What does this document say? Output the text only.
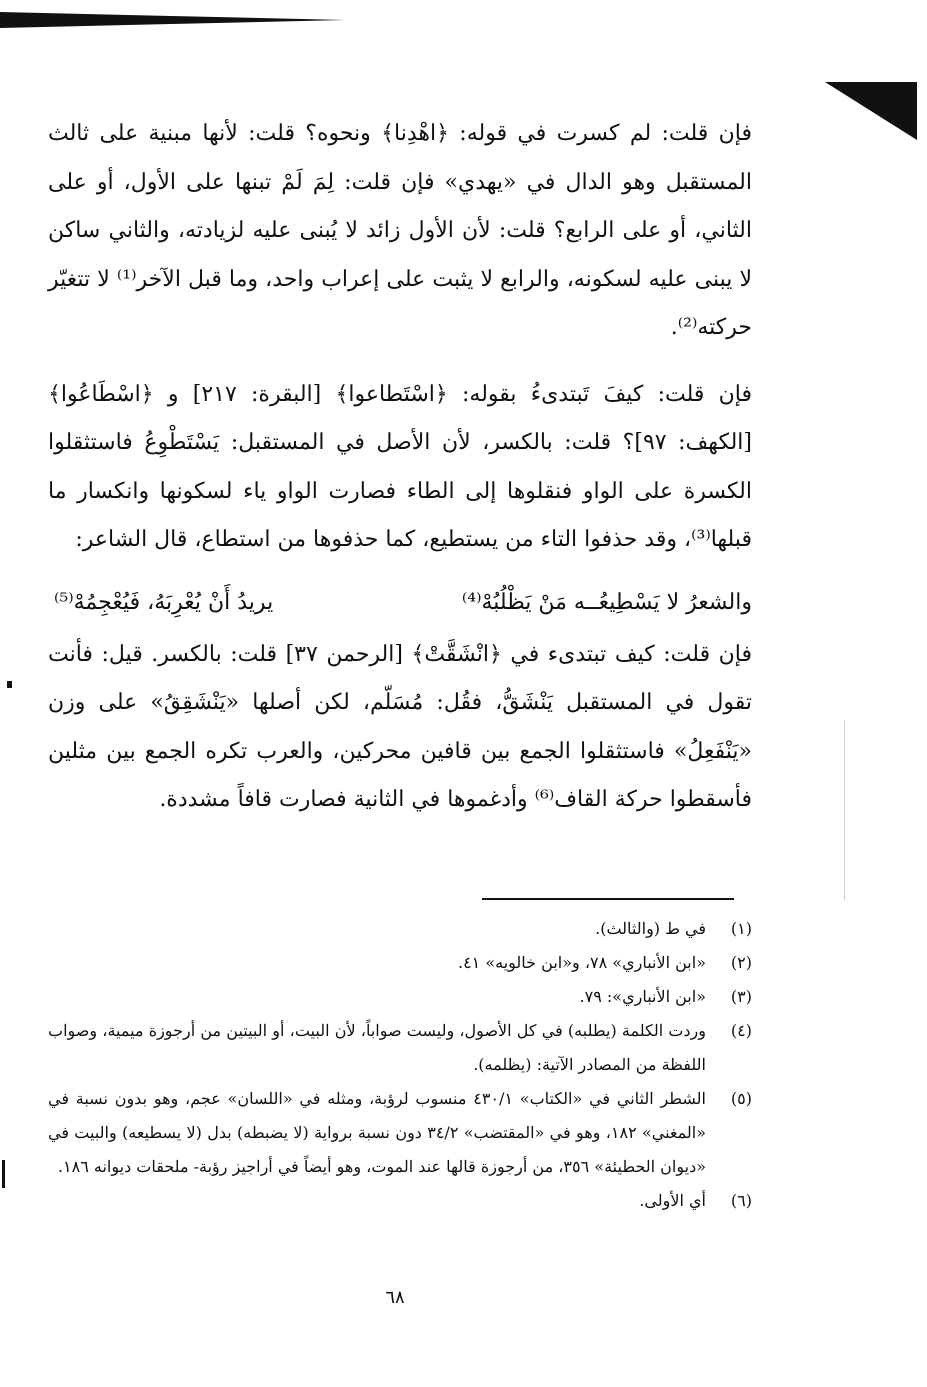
فإن قلت: لم كسرت في قوله: ﴿اهْدِنا﴾ ونحوه؟ قلت: لأنها مبنية على ثالث المستقبل وهو الدال في «يهدي» فإن قلت: لِمَ لَمْ تبنها على الأول، أو على الثاني، أو على الرابع؟ قلت: لأن الأول زائد لا يُبنى عليه لزيادته، والثاني ساكن لا يبنى عليه لسكونه، والرابع لا يثبت على إعراب واحد، وما قبل الآخر⁽¹⁾ لا تتغيّر حركته⁽²⁾.

فإن قلت: كيفَ تَبتدىءُ بقوله: ﴿اسْتَطاعوا﴾ [البقرة: ٢١٧] و ﴿اسْطَاعُوا﴾ [الكهف: ٩٧]؟ قلت: بالكسر، لأن الأصل في المستقبل: يَسْتَطْوِعُ فاستثقلوا الكسرة على الواو فنقلوها إلى الطاء فصارت الواو ياء لسكونها وانكسار ما قبلها⁽³⁾، وقد حذفوا التاء من يستطيع، كما حذفوها من استطاع، قال الشاعر:

والشعرُ لا يَسْطِيعُــه مَنْ يَظْلُبُهْ⁽⁴⁾
يريدُ أَنْ يُعْرِبَهُ، فَيُعْجِمُهْ⁽⁵⁾

فإن قلت: كيف تبتدىء في ﴿انْشَقَّتْ﴾ [الرحمن ٣٧] قلت: بالكسر. قيل: فأنت تقول في المستقبل يَنْشَقُّ، فقُل: مُسَلّم، لكن أصلها «يَنْشَقِقُ» على وزن «يَنْفَعِلُ» فاستثقلوا الجمع بين قافين محركين، والعرب تكره الجمع بين مثلين فأسقطوا حركة القاف⁽⁶⁾ وأدغموها في الثانية فصارت قافاً مشددة.

(١)
في ط (والثالث).
(٢)
«ابن الأنباري» ٧٨، و«ابن خالويه» ٤١.
(٣)
«ابن الأنباري»: ٧٩.
(٤)
وردت الكلمة (يطلبه) في كل الأصول، وليست صواباً، لأن البيت، أو البيتين من أرجوزة ميمية، وصواب اللفظة من المصادر الآتية: (يظلمه).
(٥)
الشطر الثاني في «الكتاب» ٤٣٠/١ منسوب لرؤبة، ومثله في «اللسان» عجم، وهو بدون نسبة في «المغني» ١٨٢، وهو في «المقتضب» ٣٤/٢ دون نسبة برواية (لا يضبطه) بدل (لا يسطيعه) والبيت في «ديوان الحطيئة» ٣٥٦، من أرجوزة قالها عند الموت، وهو أيضاً في أراجيز رؤبة- ملحقات ديوانه ١٨٦.
(٦)
أي الأولى.
٦٨
